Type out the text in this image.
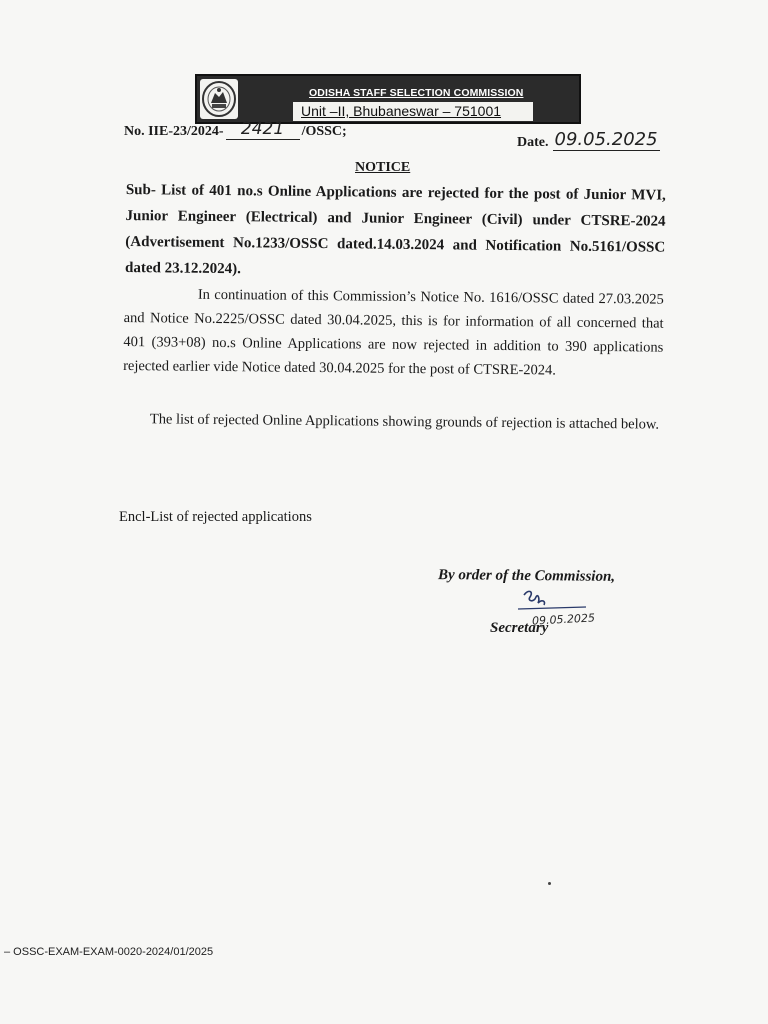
ODISHA STAFF SELECTION COMMISSION
Unit –II, Bhubaneswar – 751001
No. IIE-23/2024-	2421	/OSSC;
Date. 09.05.2025
NOTICE
Sub- List of 401 no.s Online Applications are rejected for the post of Junior MVI, Junior Engineer (Electrical) and Junior Engineer (Civil) under CTSRE-2024 (Advertisement No.1233/OSSC dated.14.03.2024 and Notification No.5161/OSSC dated 23.12.2024).
In continuation of this Commission’s Notice No. 1616/OSSC dated 27.03.2025 and Notice No.2225/OSSC dated 30.04.2025, this is for information of all concerned that 401 (393+08) no.s Online Applications are now rejected in addition to 390 applications rejected earlier vide Notice dated 30.04.2025 for the post of CTSRE-2024.
The list of rejected Online Applications showing grounds of rejection is attached below.
Encl-List of rejected applications
By order of the Commission,
09.05.2025
Secretary
– OSSC-EXAM-EXAM-0020-2024/01/2025
